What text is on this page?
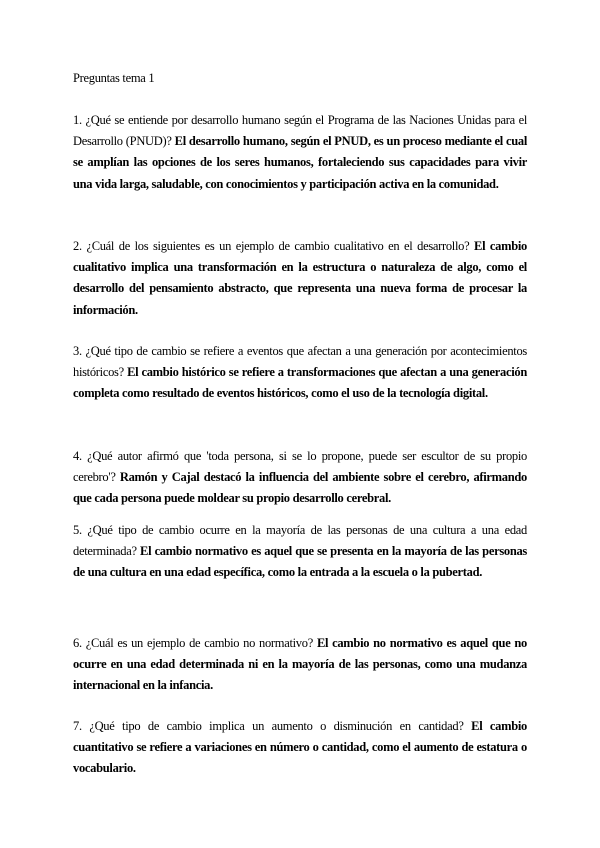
Preguntas tema 1

1. ¿Qué se entiende por desarrollo humano según el Programa de las Naciones Unidas para el Desarrollo (PNUD)? El desarrollo humano, según el PNUD, es un proceso mediante el cual se amplían las opciones de los seres humanos, fortaleciendo sus capacidades para vivir una vida larga, saludable, con conocimientos y participación activa en la comunidad.

2. ¿Cuál de los siguientes es un ejemplo de cambio cualitativo en el desarrollo? El cambio cualitativo implica una transformación en la estructura o naturaleza de algo, como el desarrollo del pensamiento abstracto, que representa una nueva forma de procesar la información.

3. ¿Qué tipo de cambio se refiere a eventos que afectan a una generación por acontecimientos históricos? El cambio histórico se refiere a transformaciones que afectan a una generación completa como resultado de eventos históricos, como el uso de la tecnología digital.

4. ¿Qué autor afirmó que 'toda persona, si se lo propone, puede ser escultor de su propio cerebro'? Ramón y Cajal destacó la influencia del ambiente sobre el cerebro, afirmando que cada persona puede moldear su propio desarrollo cerebral.

5. ¿Qué tipo de cambio ocurre en la mayoría de las personas de una cultura a una edad determinada? El cambio normativo es aquel que se presenta en la mayoría de las personas de una cultura en una edad específica, como la entrada a la escuela o la pubertad.

6. ¿Cuál es un ejemplo de cambio no normativo? El cambio no normativo es aquel que no ocurre en una edad determinada ni en la mayoría de las personas, como una mudanza internacional en la infancia.

7. ¿Qué tipo de cambio implica un aumento o disminución en cantidad? El cambio cuantitativo se refiere a variaciones en número o cantidad, como el aumento de estatura o vocabulario.
